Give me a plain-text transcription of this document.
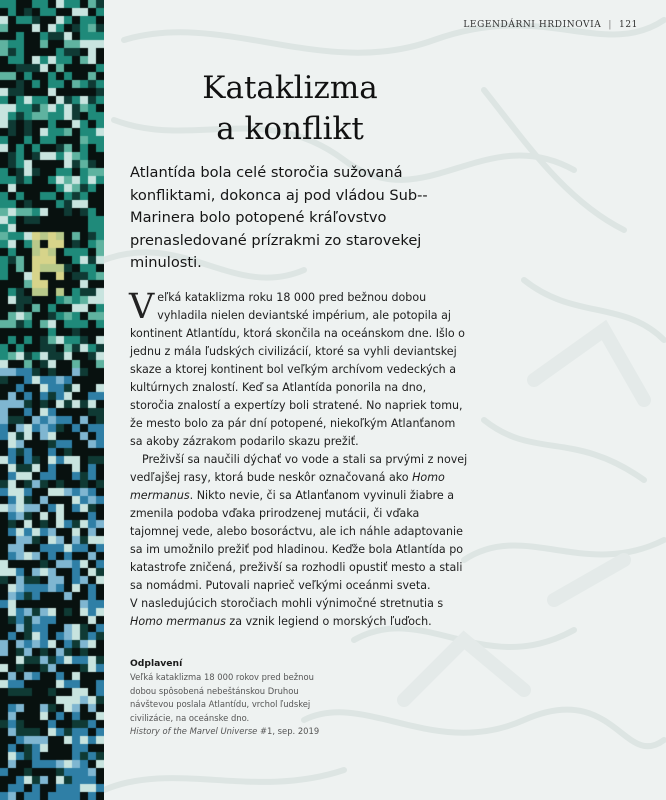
LEGENDÁRNI HRDINOVIA | 121
Kataklizma
a konflikt
Atlantída bola celé storočia sužovaná konfliktami, dokonca aj pod vládou Sub--Marinera bolo potopené kráľovstvo prenasledované prízrakmi zo starovekej minulosti.

Veľká kataklizma roku 18 000 pred bežnou dobou vyhladila nielen deviantské impérium, ale potopila aj kontinent Atlantídu, ktorá skončila na oceánskom dne. Išlo o jednu z mála ľudských civilizácií, ktoré sa vyhli deviantskej skaze a ktorej kontinent bol veľkým archívom vedeckých a kultúrnych znalostí. Keď sa Atlantída ponorila na dno, storočia znalostí a expertízy boli stratené. No napriek tomu, že mesto bolo za pár dní potopené, niekoľkým Atlanťanom sa akoby zázrakom podarilo skazu prežiť.

Preživší sa naučili dýchať vo vode a stali sa prvými z novej vedľajšej rasy, ktorá bude neskôr označovaná ako Homo mermanus. Nikto nevie, či sa Atlanťanom vyvinuli žiabre a zmenila podoba vďaka prirodzenej mutácii, či vďaka tajomnej vede, alebo bosoráctvu, ale ich náhle adaptovanie sa im umožnilo prežiť pod hladinou. Keďže bola Atlantída po katastrofe zničená, preživší sa rozhodli opustiť mesto a stali sa nomádmi. Putovali naprieč veľkými oceánmi sveta.

V nasledujúcich storočiach mohli výnimočné stretnutia s Homo mermanus za vznik legiend o morských ľuďoch.

Odplavení
Veľká kataklizma 18 000 rokov pred bežnou dobou spôsobená nebeštánskou Druhou návštevou poslala Atlantídu, vrchol ľudskej civilizácie, na oceánske dno.
History of the Marvel Universe #1, sep. 2019
